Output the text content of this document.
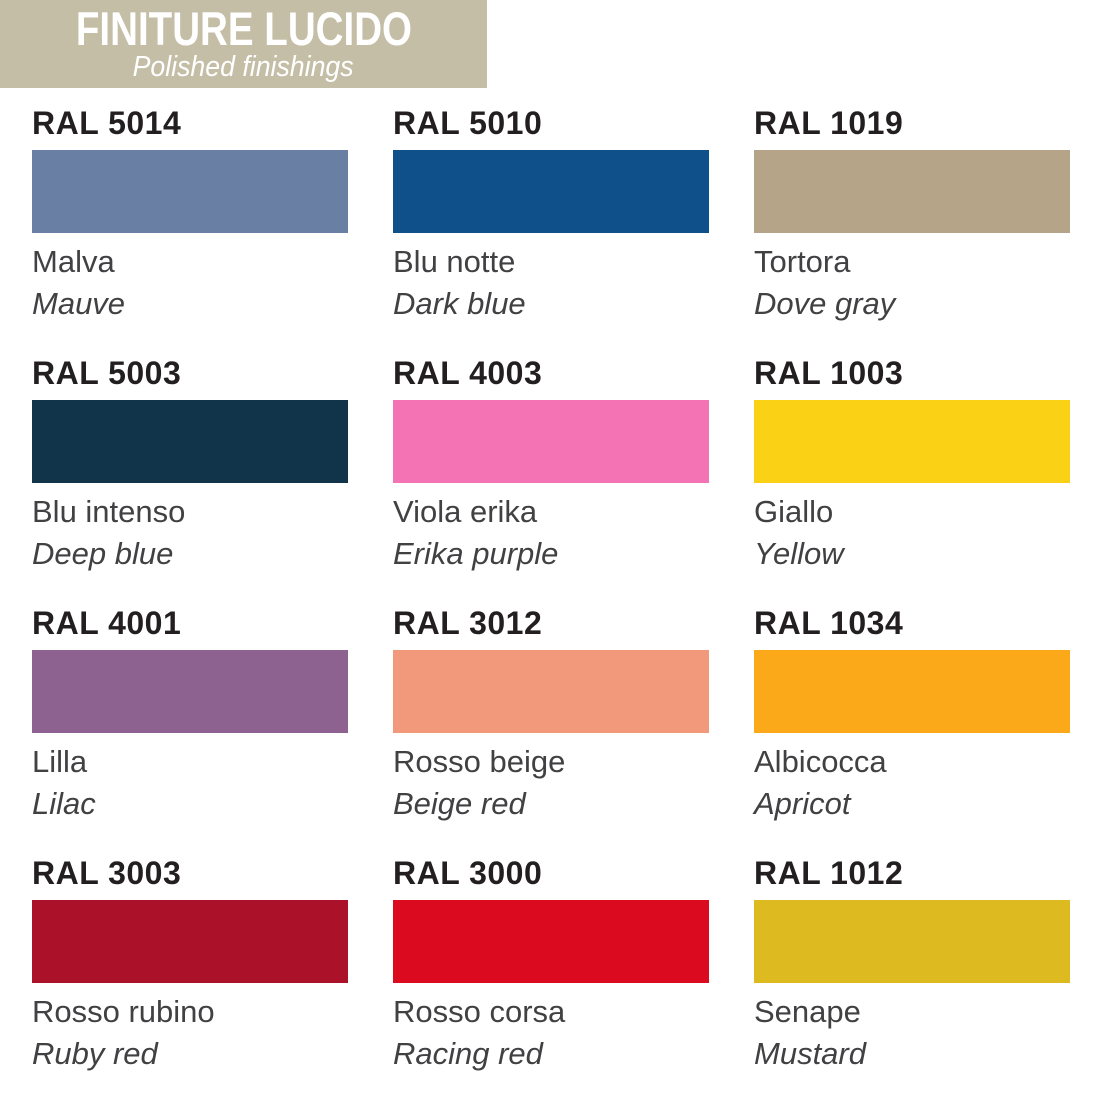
FINITURE LUCIDO
Polished finishings
RAL 5014
Malva
Mauve
RAL 5010
Blu notte
Dark blue
RAL 1019
Tortora
Dove gray
RAL 5003
Blu intenso
Deep blue
RAL 4003
Viola erika
Erika purple
RAL 1003
Giallo
Yellow
RAL 4001
Lilla
Lilac
RAL 3012
Rosso beige
Beige red
RAL 1034
Albicocca
Apricot
RAL 3003
Rosso rubino
Ruby red
RAL 3000
Rosso corsa
Racing red
RAL 1012
Senape
Mustard
